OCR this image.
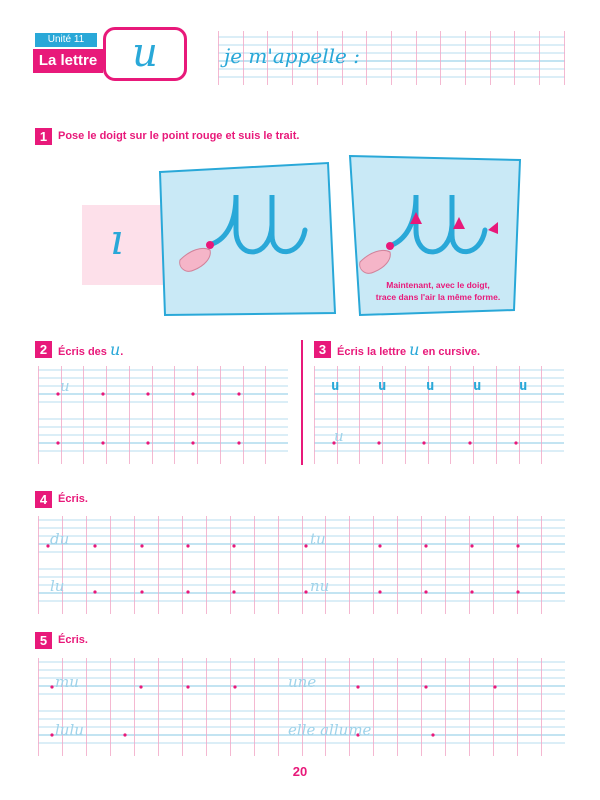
Unité 11
La lettre u	je m'appelle :
1 Pose le doigt sur le point rouge et suis le trait.
ı
Maintenant, avec le doigt,
trace dans l'air la même forme.
2 Écris des u.
u
3 Écris la lettre u en cursive.
u	u	u	u	u
u
4 Écris.
du	tu
lu	nu
5 Écris.
mu	une
lulu	elle allume
20
